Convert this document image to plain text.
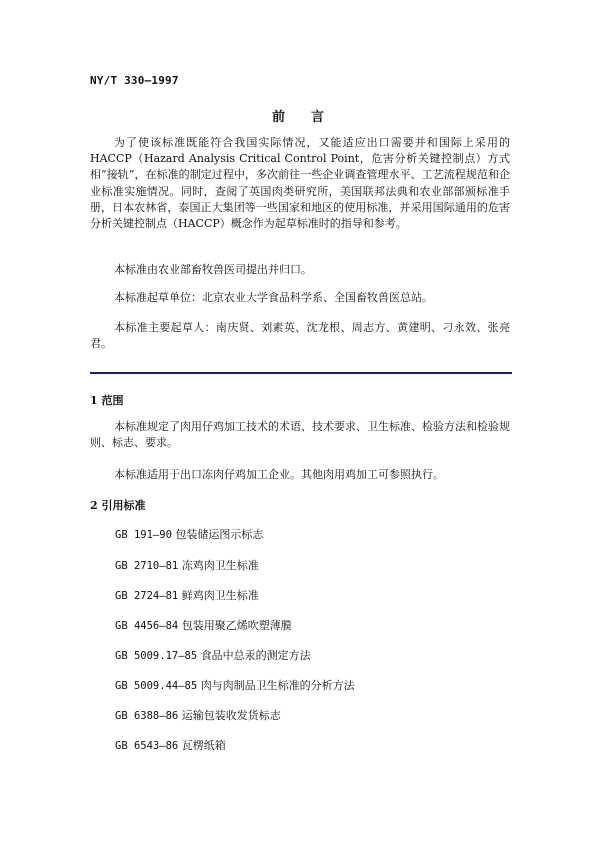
NY/T 330—1997
前言

为了使该标准既能符合我国实际情况，又能适应出口需要并和国际上采用的HACCP（Hazard Analysis Critical Control Point，危害分析关键控制点）方式相“接轨”，在标准的制定过程中，多次前往一些企业调查管理水平、工艺流程规范和企业标准实施情况。同时，查阅了英国肉类研究所，美国联邦法典和农业部部颁标准手册，日本农林省，泰国正大集团等一些国家和地区的使用标准，并采用国际通用的危害分析关键控制点（HACCP）概念作为起草标准时的指导和参考。

本标准由农业部畜牧兽医司提出并归口。

本标准起草单位：北京农业大学食品科学系、全国畜牧兽医总站。

本标准主要起草人：南庆贤、刘素英、沈龙根、周志方、黄建明、刁永效、张亮君。

1 范围

本标准规定了肉用仔鸡加工技术的术语、技术要求、卫生标准、检验方法和检验规则、标志、要求。

本标准适用于出口冻肉仔鸡加工企业。其他肉用鸡加工可参照执行。

2 引用标准
GB 191—90 包装储运图示标志
GB 2710—81 冻鸡肉卫生标准
GB 2724—81 鲜鸡肉卫生标准
GB 4456—84 包装用聚乙烯吹塑薄膜
GB 5009.17—85 食品中总汞的测定方法
GB 5009.44—85 肉与肉制品卫生标准的分析方法
GB 6388—86 运输包装收发货标志
GB 6543—86 瓦楞纸箱
